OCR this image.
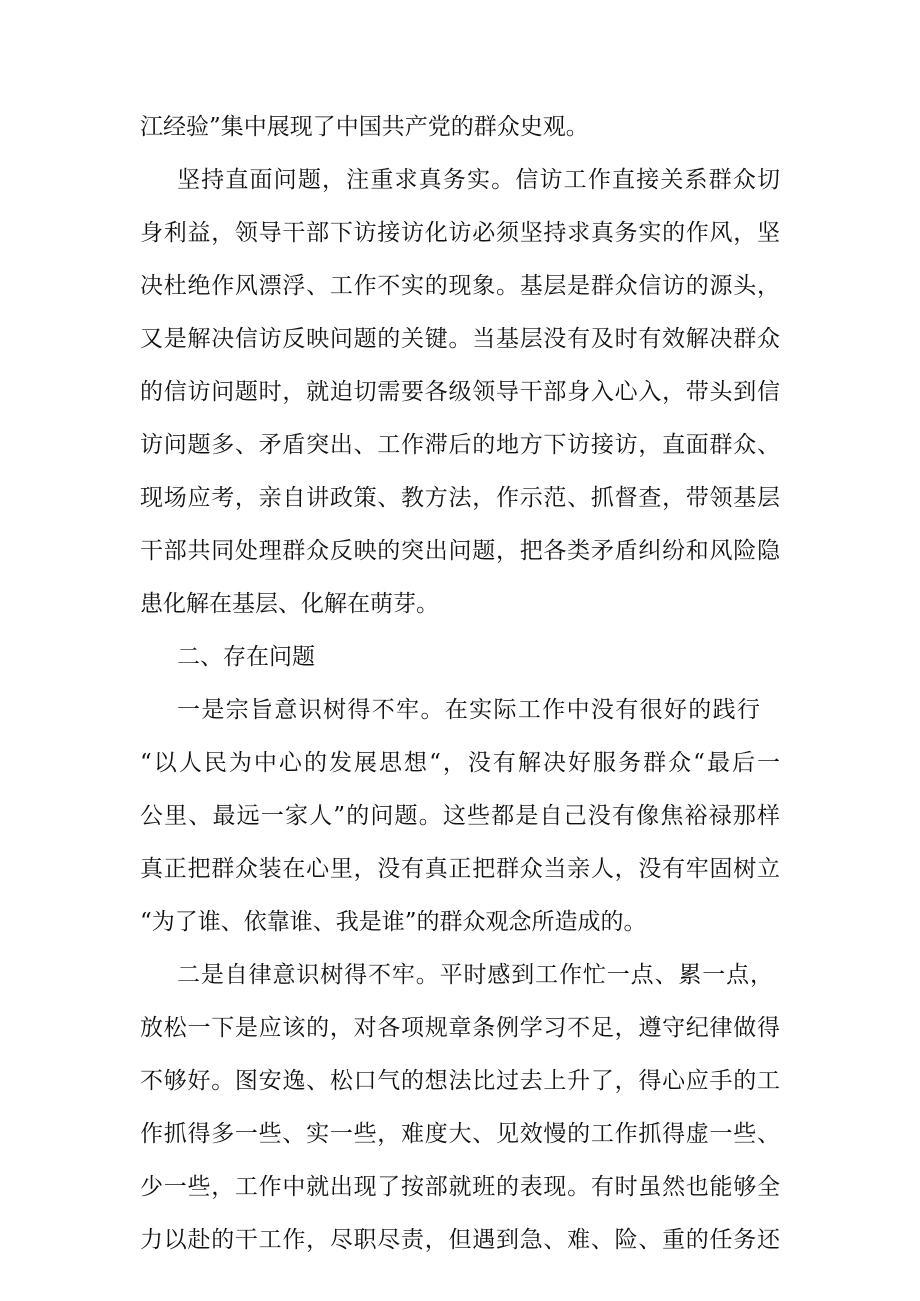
江经验”集中展现了中国共产党的群众史观。
坚持直面问题，注重求真务实。信访工作直接关系群众切
身利益，领导干部下访接访化访必须坚持求真务实的作风，坚
决杜绝作风漂浮、工作不实的现象。基层是群众信访的源头，
又是解决信访反映问题的关键。当基层没有及时有效解决群众
的信访问题时，就迫切需要各级领导干部身入心入，带头到信
访问题多、矛盾突出、工作滞后的地方下访接访，直面群众、
现场应考，亲自讲政策、教方法，作示范、抓督查，带领基层
干部共同处理群众反映的突出问题，把各类矛盾纠纷和风险隐
患化解在基层、化解在萌芽。
二、存在问题
一是宗旨意识树得不牢。在实际工作中没有很好的践行
“以人民为中心的发展思想“，没有解决好服务群众“最后一
公里、最远一家人”的问题。这些都是自己没有像焦裕禄那样
真正把群众装在心里，没有真正把群众当亲人，没有牢固树立
“为了谁、依靠谁、我是谁”的群众观念所造成的。
二是自律意识树得不牢。平时感到工作忙一点、累一点，
放松一下是应该的，对各项规章条例学习不足，遵守纪律做得
不够好。图安逸、松口气的想法比过去上升了，得心应手的工
作抓得多一些、实一些，难度大、见效慢的工作抓得虚一些、
少一些，工作中就出现了按部就班的表现。有时虽然也能够全
力以赴的干工作，尽职尽责，但遇到急、难、险、重的任务还
